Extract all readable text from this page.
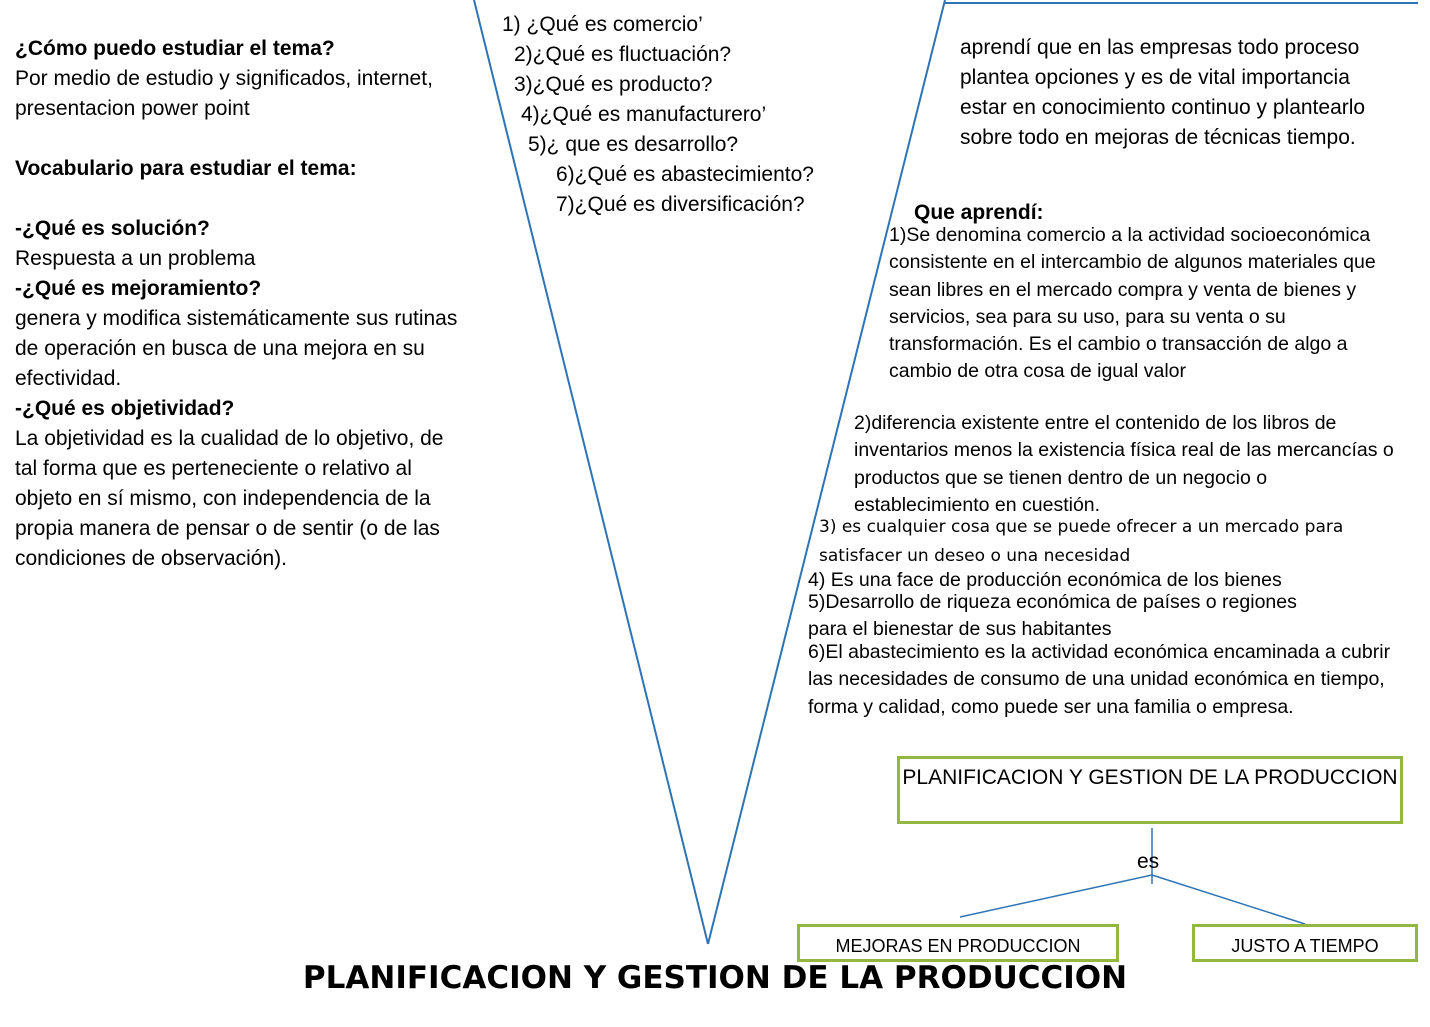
¿Cómo puedo estudiar el tema?
Por medio de estudio y significados, internet, presentacion power point
Vocabulario para estudiar el tema:
-¿Qué es solución?
Respuesta a un problema
-¿Qué es mejoramiento?
genera y modifica sistemáticamente sus rutinas de operación en busca de una mejora en su efectividad.
-¿Qué es objetividad?
La objetividad es la cualidad de lo objetivo, de tal forma que es perteneciente o relativo al objeto en sí mismo, con independencia de la propia manera de pensar o de sentir (o de las condiciones de observación).
1) ¿Qué es comercio’
2)¿Qué es fluctuación?
3)¿Qué es producto?
4)¿Qué es manufacturero’
5)¿ que es desarrollo?
6)¿Qué es abastecimiento?
7)¿Qué es diversificación?
aprendí que en las empresas todo proceso plantea opciones y es de vital importancia estar en conocimiento continuo y plantearlo sobre todo en mejoras de técnicas tiempo.
Que aprendí:
1)Se denomina comercio a la actividad socioeconómica consistente en el intercambio de algunos materiales que sean libres en el mercado compra y venta de bienes y servicios, sea para su uso, para su venta o su transformación. Es el cambio o transacción de algo a cambio de otra cosa de igual valor
2)diferencia existente entre el contenido de los libros de inventarios menos la existencia física real de las mercancías o productos que se tienen dentro de un negocio o establecimiento en cuestión.
3) es cualquier cosa que se puede ofrecer a un mercado para satisfacer un deseo o una necesidad
4) Es una face de producción económica de los bienes
5)Desarrollo de riqueza económica de países o regiones para el bienestar de sus habitantes
6)El abastecimiento es la actividad económica encaminada a cubrir las necesidades de consumo de una unidad económica en tiempo, forma y calidad, como puede ser una familia o empresa.
PLANIFICACION Y GESTION DE LA PRODUCCION
es
MEJORAS EN PRODUCCION	JUSTO A TIEMPO
PLANIFICACION Y GESTION DE LA PRODUCCION
